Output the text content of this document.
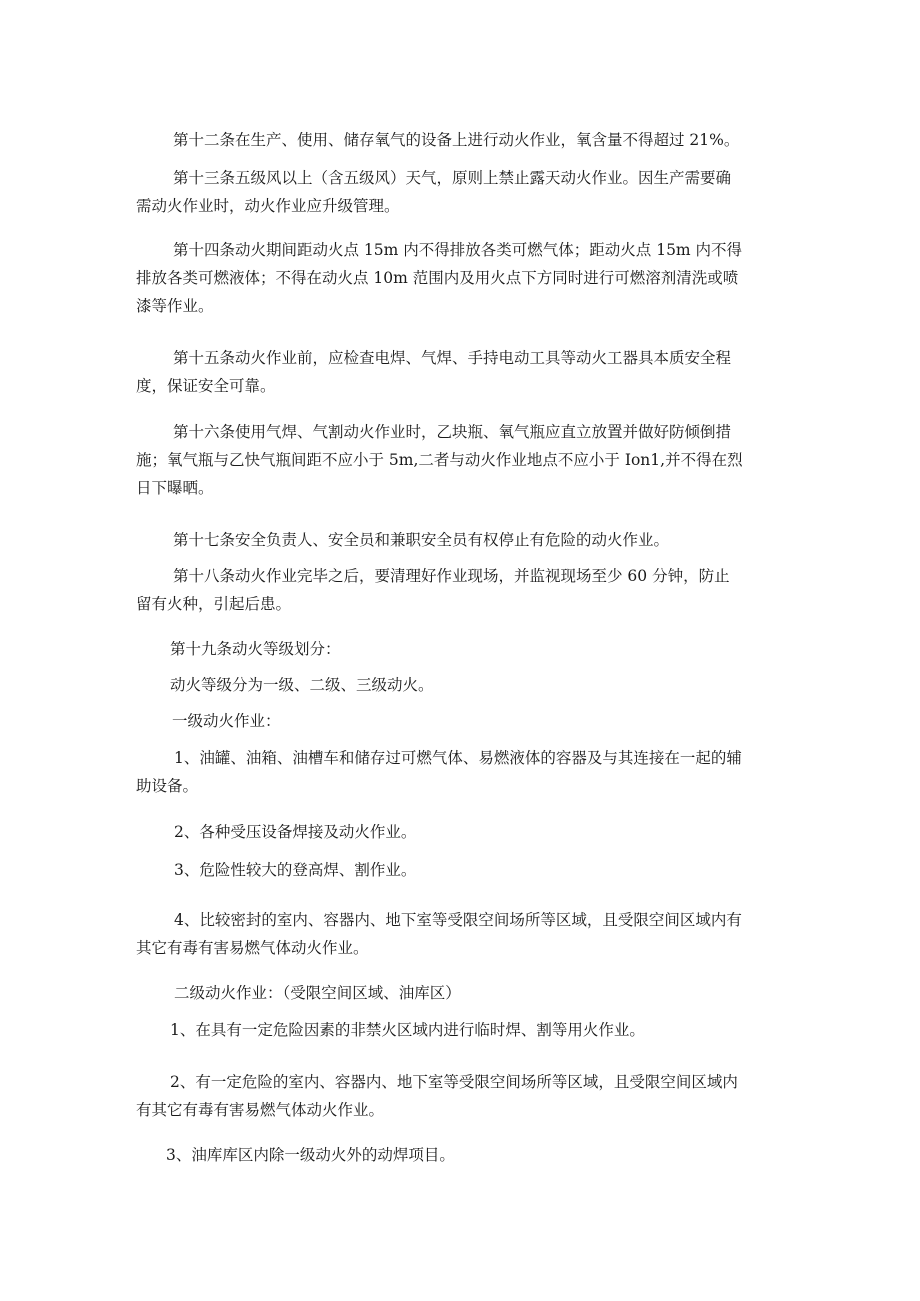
第十二条在生产、使用、储存氧气的设备上进行动火作业，氧含量不得超过 21%。

第十三条五级风以上（含五级风）天气，原则上禁止露天动火作业。因生产需要确
需动火作业时，动火作业应升级管理。

第十四条动火期间距动火点 15m 内不得排放各类可燃气体；距动火点 15m 内不得
排放各类可燃液体；不得在动火点 10m 范围内及用火点下方同时进行可燃溶剂清洗或喷
漆等作业。

第十五条动火作业前，应检查电焊、气焊、手持电动工具等动火工器具本质安全程
度，保证安全可靠。

第十六条使用气焊、气割动火作业时，乙块瓶、氧气瓶应直立放置并做好防倾倒措
施；氧气瓶与乙快气瓶间距不应小于 5m,二者与动火作业地点不应小于 Ion1,并不得在烈
日下曝晒。

第十七条安全负责人、安全员和兼职安全员有权停止有危险的动火作业。

第十八条动火作业完毕之后，要清理好作业现场，并监视现场至少 60 分钟，防止
留有火种，引起后患。

第十九条动火等级划分：

动火等级分为一级、二级、三级动火。

一级动火作业：

1、油罐、油箱、油槽车和储存过可燃气体、易燃液体的容器及与其连接在一起的辅
助设备。

2、各种受压设备焊接及动火作业。

3、危险性较大的登高焊、割作业。

4、比较密封的室内、容器内、地下室等受限空间场所等区域，且受限空间区域内有
其它有毒有害易燃气体动火作业。

二级动火作业：（受限空间区域、油库区）

1、在具有一定危险因素的非禁火区域内进行临时焊、割等用火作业。

2、有一定危险的室内、容器内、地下室等受限空间场所等区域，且受限空间区域内
有其它有毒有害易燃气体动火作业。

3、油库库区内除一级动火外的动焊项目。
